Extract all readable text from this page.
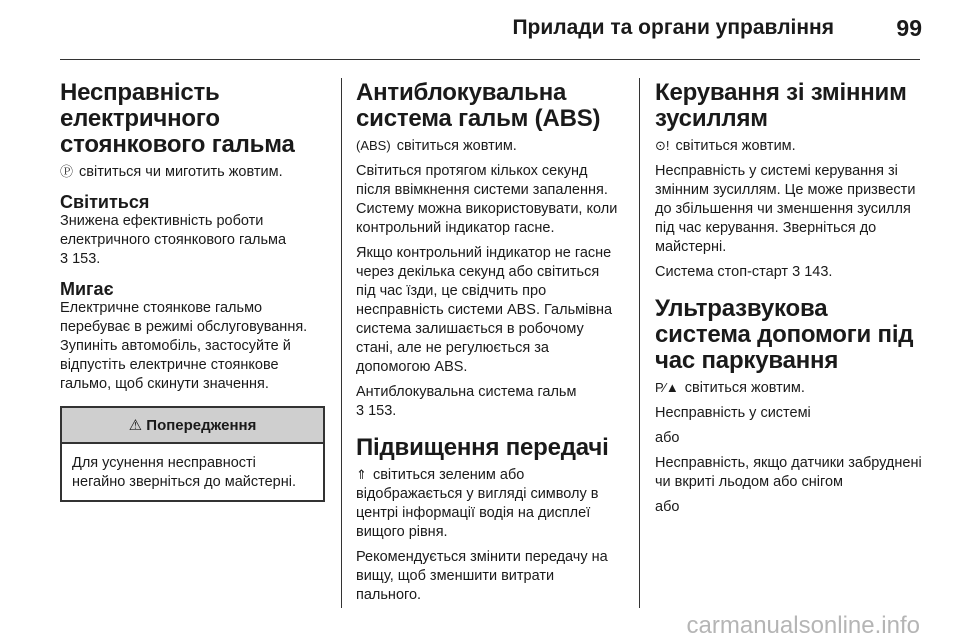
Прилади та органи управління	99
Несправність електричного стоянкового гальма

Ⓟ світиться чи миготить жовтим.

Світиться

Знижена ефективність роботи електричного стоянкового гальма
3 153.

Мигає

Електричне стоянкове гальмо перебуває в режимі обслуговування. Зупиніть автомобіль, застосуйте й відпустіть електричне стоянкове гальмо, щоб скинути значення.

⚠ Попередження
Для усунення несправності негайно зверніться до майстерні.
Антиблокувальна система гальм (ABS)

(ABS) світиться жовтим.

Світиться протягом кількох секунд після ввімкнення системи запалення. Систему можна використовувати, коли контрольний індикатор гасне.

Якщо контрольний індикатор не гасне через декілька секунд або світиться під час їзди, це свідчить про несправність системи ABS. Гальмівна система залишається в робочому стані, але не регулюється за допомогою ABS.

Антиблокувальна система гальм
3 153.

Підвищення передачі

⇑ світиться зеленим або відображається у вигляді символу в центрі інформації водія на дисплеї вищого рівня.

Рекомендується змінити передачу на вищу, щоб зменшити витрати пального.

Керування зі змінним зусиллям

⊙! світиться жовтим.

Несправність у системі керування зі змінним зусиллям. Це може призвести до збільшення чи зменшення зусилля під час керування. Зверніться до майстерні.

Система стоп-старт 3 143.

Ультразвукова система допомоги під час паркування

P∕▲ світиться жовтим.

Несправність у системі

або

Несправність, якщо датчики забруднені чи вкриті льодом або снігом

або

carmanualsonline.info
